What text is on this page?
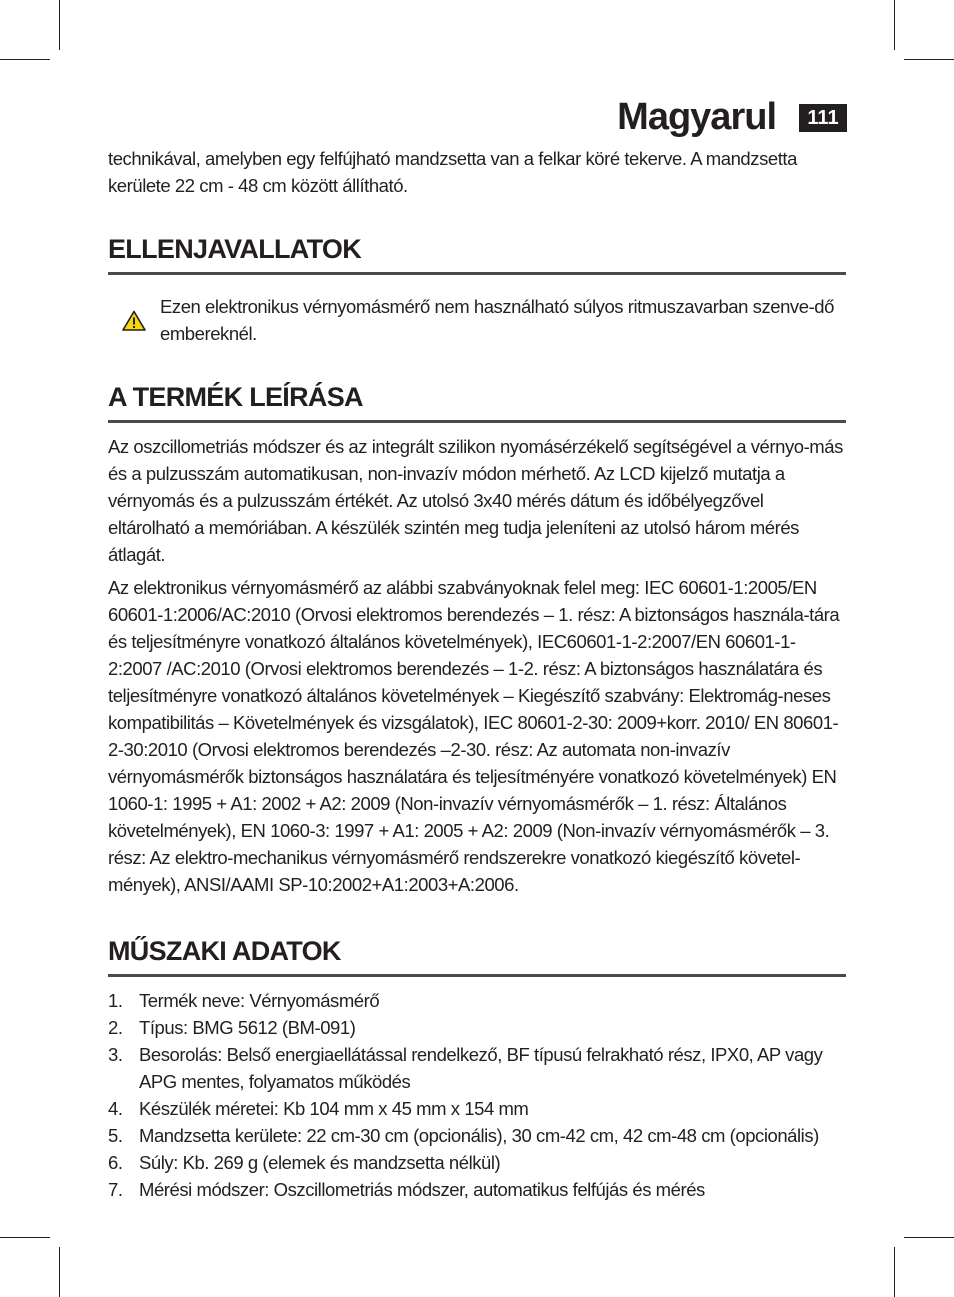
Magyarul	111

technikával, amelyben egy felfújható mandzsetta van a felkar köré tekerve. A mandzsetta kerülete 22 cm - 48 cm között állítható.

ELLENJAVALLATOK

Ezen elektronikus vérnyomásmérő nem használható súlyos ritmuszavarban szenve-dő embereknél.

A TERMÉK LEÍRÁSA

Az oszcillometriás módszer és az integrált szilikon nyomásérzékelő segítségével a vérnyo-más és a pulzusszám automatikusan, non-invazív módon mérhető. Az LCD kijelző mutatja a vérnyomás és a pulzusszám értékét. Az utolsó 3x40 mérés dátum és időbélyegzővel eltárolható a memóriában. A készülék szintén meg tudja jeleníteni az utolsó három mérés átlagát.

Az elektronikus vérnyomásmérő az alábbi szabványoknak felel meg: IEC 60601-1:2005/EN 60601-1:2006/AC:2010 (Orvosi elektromos berendezés – 1. rész: A biztonságos használa-tára és teljesítményre vonatkozó általános követelmények), IEC60601-1-2:2007/EN 60601-1-2:2007 /AC:2010 (Orvosi elektromos berendezés – 1-2. rész: A biztonságos használatára és teljesítményre vonatkozó általános követelmények – Kiegészítő szabvány: Elektromág-neses kompatibilitás – Követelmények és vizsgálatok), IEC 80601-2-30: 2009+korr. 2010/ EN 80601-2-30:2010 (Orvosi elektromos berendezés –2-30. rész: Az automata non-invazív vérnyomásmérők biztonságos használatára és teljesítményére vonatkozó követelmények) EN 1060-1: 1995 + A1: 2002 + A2: 2009 (Non-invazív vérnyomásmérők – 1. rész: Általános követelmények), EN 1060-3: 1997 + A1: 2005 + A2: 2009 (Non-invazív vérnyomásmérők – 3. rész: Az elektro-mechanikus vérnyomásmérő rendszerekre vonatkozó kiegészítő követel-mények), ANSI/AAMI SP-10:2002+A1:2003+A:2006.

MŰSZAKI ADATOK
1. Termék neve: Vérnyomásmérő
2. Típus: BMG 5612 (BM-091)
3. Besorolás: Belső energiaellátással rendelkező, BF típusú felrakható rész, IPX0, AP vagy APG mentes, folyamatos működés
4. Készülék méretei: Kb 104 mm x 45 mm x 154 mm
5. Mandzsetta kerülete: 22 cm-30 cm (opcionális), 30 cm-42 cm, 42 cm-48 cm (opcionális)
6. Súly: Kb. 269 g (elemek és mandzsetta nélkül)
7. Mérési módszer: Oszcillometriás módszer, automatikus felfújás és mérés
